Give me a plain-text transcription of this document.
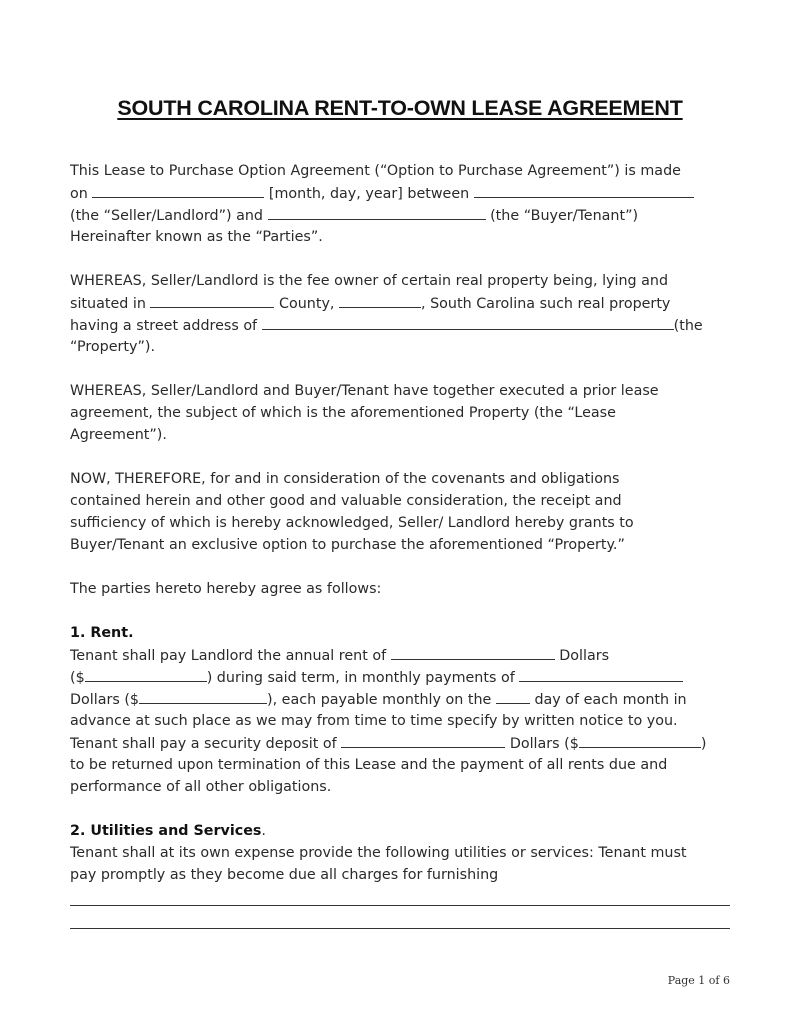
SOUTH CAROLINA RENT-TO-OWN LEASE AGREEMENT
This Lease to Purchase Option Agreement (“Option to Purchase Agreement”) is made
on	[month, day, year] between
(the “Seller/Landlord”) and	(the “Buyer/Tenant”)
Hereinafter known as the “Parties”.
WHEREAS, Seller/Landlord is the fee owner of certain real property being, lying and
situated in	County,	, South Carolina such real property
having a street address of	(the
“Property”).
WHEREAS, Seller/Landlord and Buyer/Tenant have together executed a prior lease
agreement, the subject of which is the aforementioned Property (the “Lease
Agreement”).
NOW, THEREFORE, for and in consideration of the covenants and obligations
contained herein and other good and valuable consideration, the receipt and
sufficiency of which is hereby acknowledged, Seller/ Landlord hereby grants to
Buyer/Tenant an exclusive option to purchase the aforementioned “Property.”
The parties hereto hereby agree as follows:
1. Rent.
Tenant shall pay Landlord the annual rent of	Dollars
($	) during said term, in monthly payments of
Dollars ($	), each payable monthly on the	day of each month in
advance at such place as we may from time to time specify by written notice to you.
Tenant shall pay a security deposit of	Dollars ($	)
to be returned upon termination of this Lease and the payment of all rents due and
performance of all other obligations.
2. Utilities and Services.
Tenant shall at its own expense provide the following utilities or services: Tenant must
pay promptly as they become due all charges for furnishing
Page 1 of 6
